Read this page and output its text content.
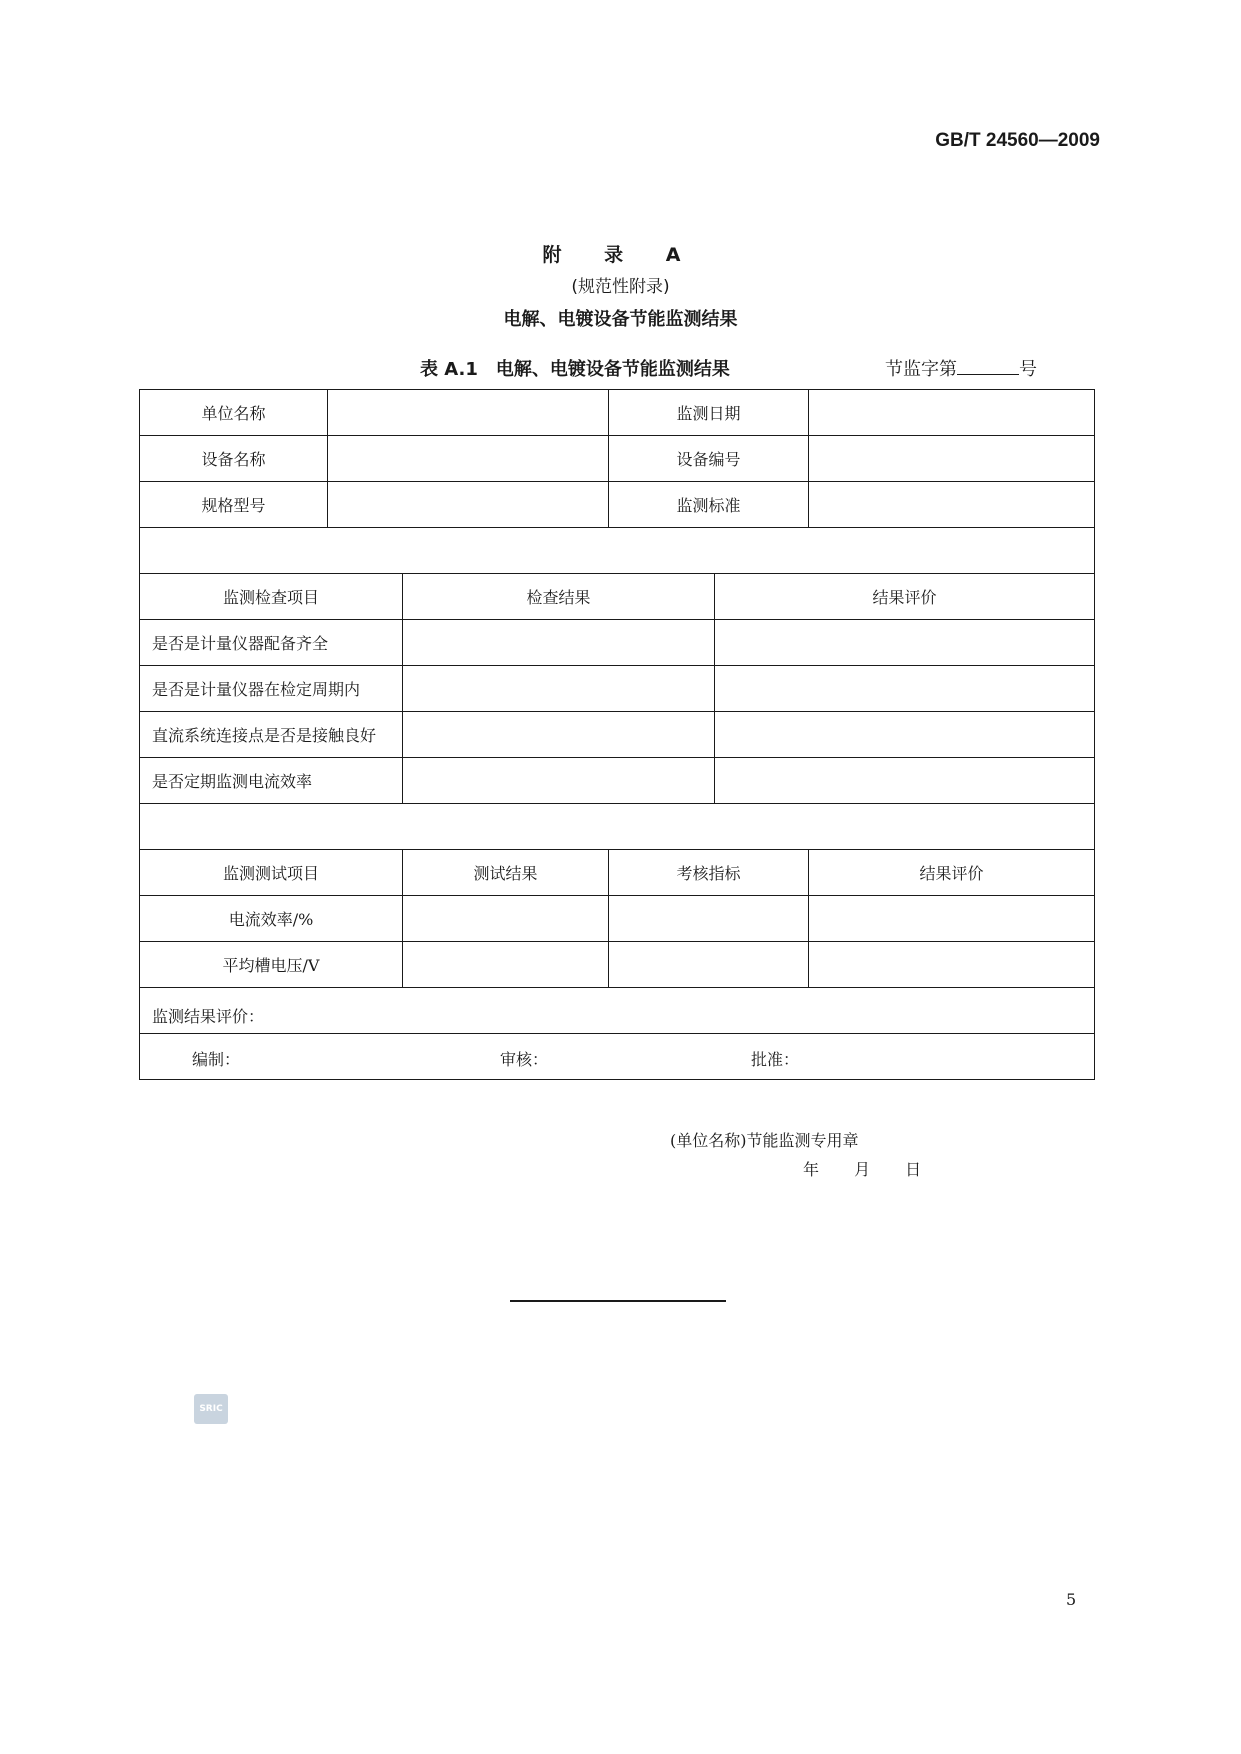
GB/T 24560—2009
附 录 A
(规范性附录)
电解、电镀设备节能监测结果
表 A.1　电解、电镀设备节能监测结果	节监字第	号
单位名称			监测日期		
设备名称			设备编号		
规格型号			监测标准		

监测检查项目		检查结果		结果评价	
是否是计量仪器配备齐全					
是否是计量仪器在检定周期内					
直流系统连接点是否是接触良好					
是否定期监测电流效率					

监测测试项目		测试结果	考核指标		结果评价
电流效率/%					
平均槽电压/V					

监测结果评价：
(单位名称)节能监测专用章
年 月 日					

编制： 审核： 批准：					
SRIC
5
